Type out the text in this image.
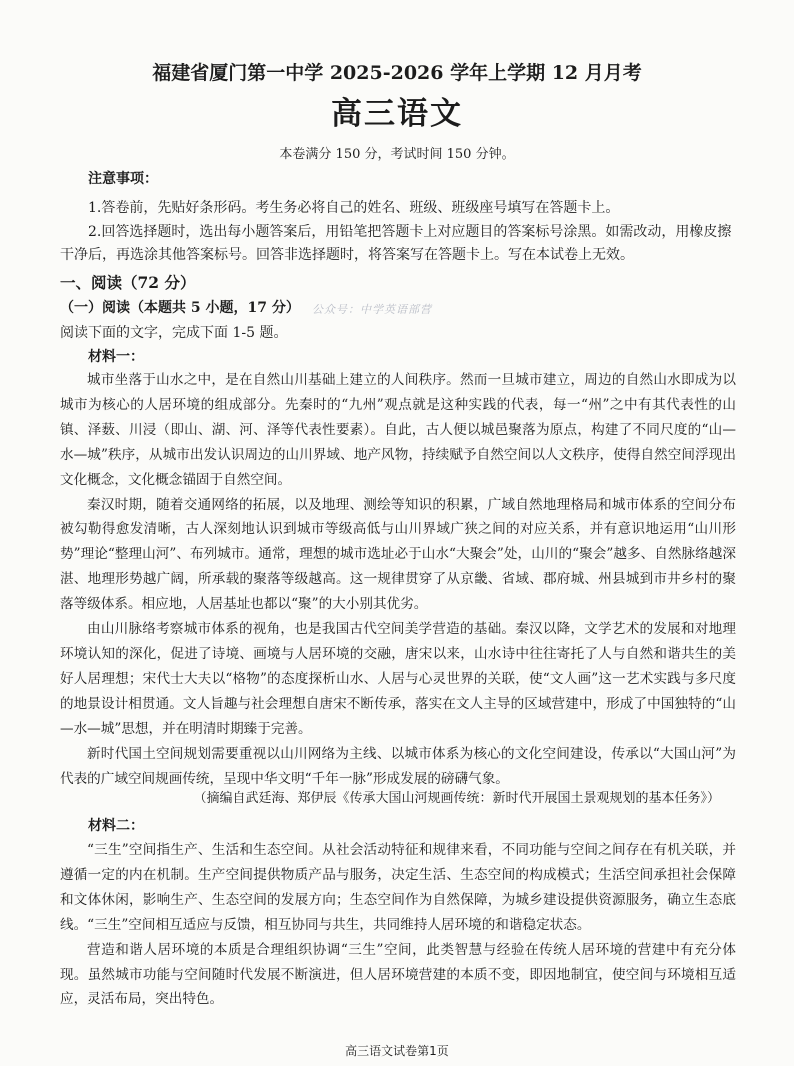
福建省厦门第一中学 2025-2026 学年上学期 12 月月考
高三语文
本卷满分 150 分，考试时间 150 分钟。
注意事项：

1.答卷前，先贴好条形码。考生务必将自己的姓名、班级、班级座号填写在答题卡上。

2.回答选择题时，选出每小题答案后，用铅笔把答题卡上对应题目的答案标号涂黑。如需改动，用橡皮擦干净后，再选涂其他答案标号。回答非选择题时，将答案写在答题卡上。写在本试卷上无效。

一、阅读（72 分）
（一）阅读（本题共 5 小题，17 分）	公众号：中学英语部营
阅读下面的文字，完成下面 1-5 题。
材料一：

城市坐落于山水之中，是在自然山川基础上建立的人间秩序。然而一旦城市建立，周边的自然山水即成为以城市为核心的人居环境的组成部分。先秦时的“九州”观点就是这种实践的代表，每一“州”之中有其代表性的山镇、泽薮、川浸（即山、湖、河、泽等代表性要素）。自此，古人便以城邑聚落为原点，构建了不同尺度的“山—水—城”秩序，从城市出发认识周边的山川界域、地产风物，持续赋予自然空间以人文秩序，使得自然空间浮现出文化概念，文化概念锚固于自然空间。

秦汉时期，随着交通网络的拓展，以及地理、测绘等知识的积累，广域自然地理格局和城市体系的空间分布被勾勒得愈发清晰，古人深刻地认识到城市等级高低与山川界域广狭之间的对应关系，并有意识地运用“山川形势”理论“整理山河”、布列城市。通常，理想的城市选址必于山水“大聚会”处，山川的“聚会”越多、自然脉络越深湛、地理形势越广阔，所承载的聚落等级越高。这一规律贯穿了从京畿、省域、郡府城、州县城到市井乡村的聚落等级体系。相应地，人居基址也都以“聚”的大小别其优劣。

由山川脉络考察城市体系的视角，也是我国古代空间美学营造的基础。秦汉以降，文学艺术的发展和对地理环境认知的深化，促进了诗境、画境与人居环境的交融，唐宋以来，山水诗中往往寄托了人与自然和谐共生的美好人居理想；宋代士大夫以“格物”的态度探析山水、人居与心灵世界的关联，使“文人画”这一艺术实践与多尺度的地景设计相贯通。文人旨趣与社会理想自唐宋不断传承，落实在文人主导的区域营建中，形成了中国独特的“山—水—城”思想，并在明清时期臻于完善。

新时代国土空间规划需要重视以山川网络为主线、以城市体系为核心的文化空间建设，传承以“大国山河”为代表的广域空间规画传统，呈现中华文明“千年一脉”形成发展的磅礴气象。

（摘编自武廷海、郑伊辰《传承大国山河规画传统：新时代开展国土景观规划的基本任务》）
材料二：

“三生”空间指生产、生活和生态空间。从社会活动特征和规律来看，不同功能与空间之间存在有机关联，并遵循一定的内在机制。生产空间提供物质产品与服务，决定生活、生态空间的构成模式；生活空间承担社会保障和文体休闲，影响生产、生态空间的发展方向；生态空间作为自然保障，为城乡建设提供资源服务，确立生态底线。“三生”空间相互适应与反馈，相互协同与共生，共同维持人居环境的和谐稳定状态。

营造和谐人居环境的本质是合理组织协调“三生”空间，此类智慧与经验在传统人居环境的营建中有充分体现。虽然城市功能与空间随时代发展不断演进，但人居环境营建的本质不变，即因地制宜，使空间与环境相互适应，灵活布局，突出特色。

高三语文试卷第1页
